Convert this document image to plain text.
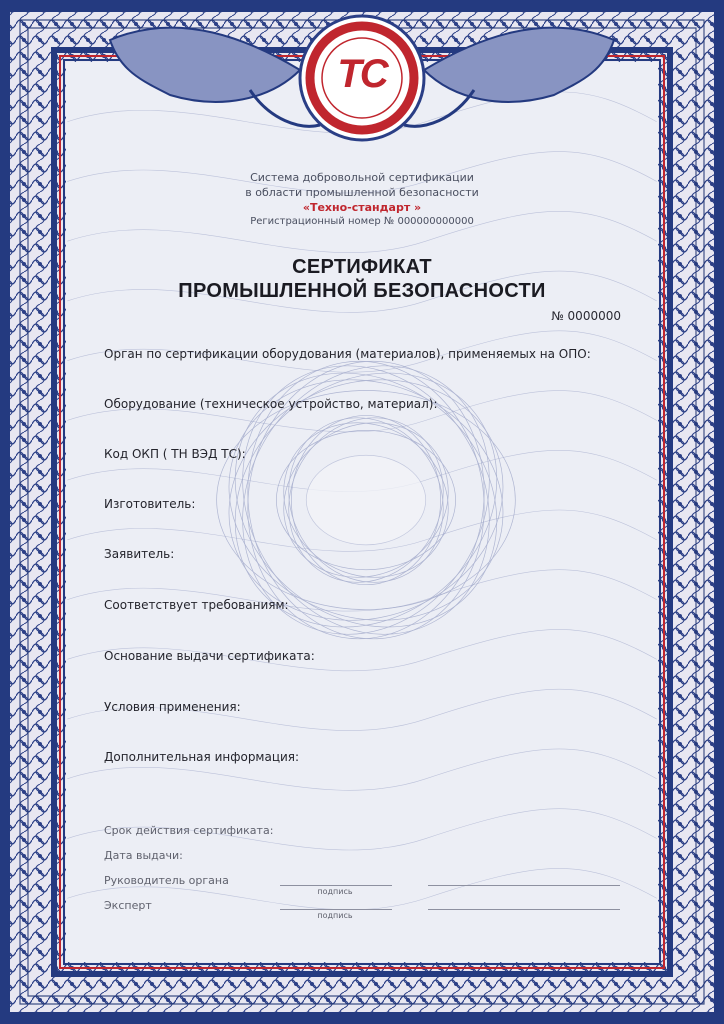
TC
Система добровольной сертификации
в области промышленной безопасности
«Техно-стандарт »
Регистрационный номер № 000000000000
СЕРТИФИКАТ
ПРОМЫШЛЕННОЙ БЕЗОПАСНОСТИ
№ 0000000
Орган по сертификации оборудования (материалов), применяемых на ОПО:
Оборудование (техническое устройство, материал):
Код ОКП ( ТН ВЭД ТС):
Изготовитель:
Заявитель:
Соответствует требованиям:
Основание выдачи сертификата:
Условия применения:
Дополнительная информация:
Срок действия сертификата:
Дата выдачи:
Руководитель органа
Эксперт
подпись
подпись
